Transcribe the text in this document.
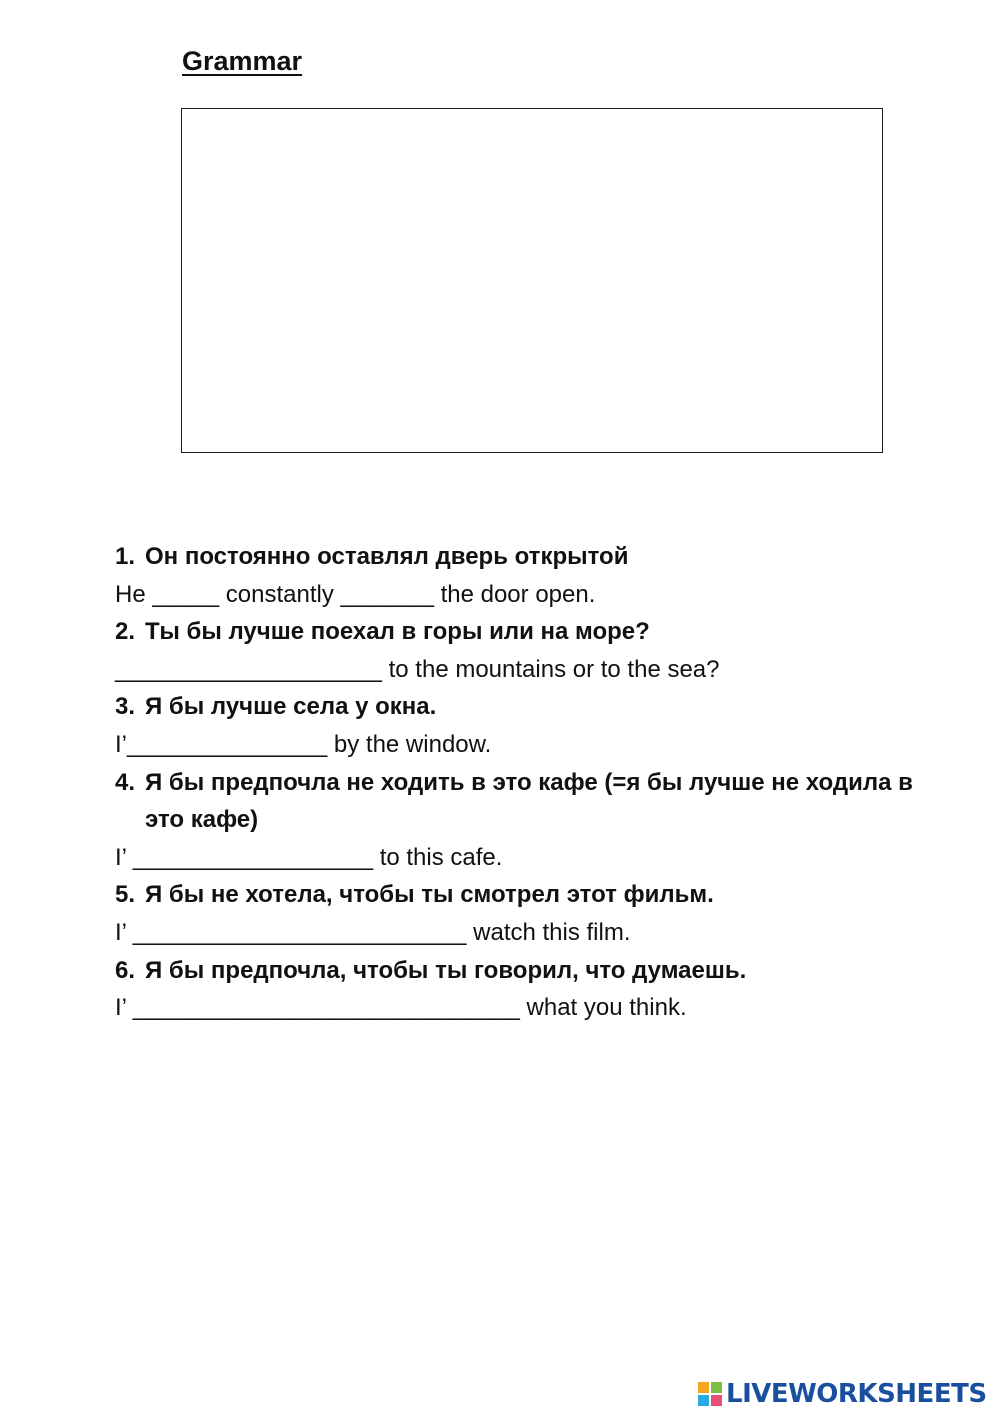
Grammar
1. Он постоянно оставлял дверь открытой
He _____ constantly _______ the door open.
2. Ты бы лучше поехал в горы или на море?
____________________ to the mountains or to the sea?
3. Я бы лучше села у окна.
I’_______________ by the window.
4. Я бы предпочла не ходить в это кафе (=я бы лучше не ходила в это кафе)
I’ __________________ to this cafe.
5. Я бы не хотела, чтобы ты смотрел этот фильм.
I’ _________________________ watch this film.
6. Я бы предпочла, чтобы ты говорил, что думаешь.
I’ _____________________________ what you think.
LIVEWORKSHEETS
